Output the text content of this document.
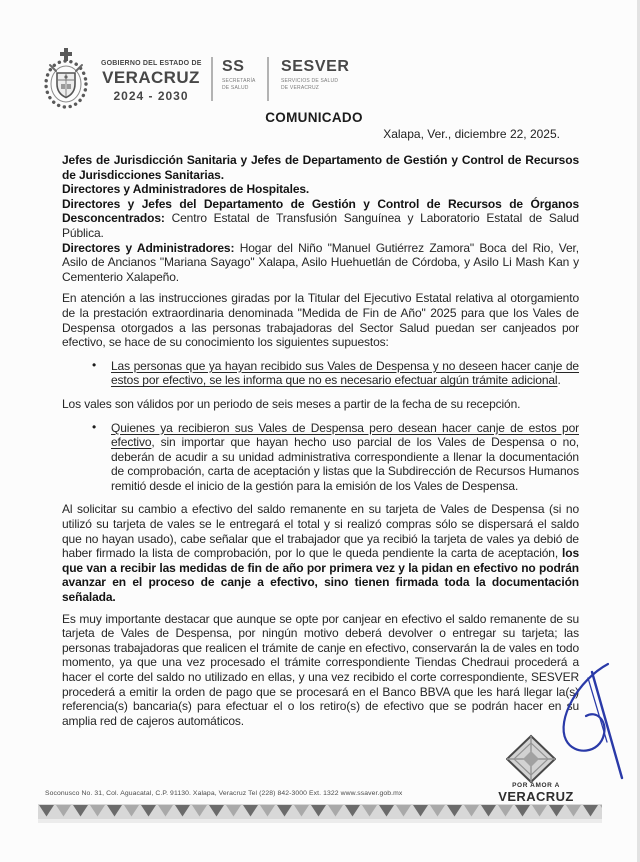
GOBIERNO DEL ESTADO DE
VERACRUZ
2024 - 2030
SS
SECRETARÍA
DE SALUD
SESVER
SERVICIOS DE SALUD
DE VERACRUZ
COMUNICADO
Xalapa, Ver., diciembre 22, 2025.
Jefes de Jurisdicción Sanitaria y Jefes de Departamento de Gestión y Control de Recursos de Jurisdicciones Sanitarias.
Directores y Administradores de Hospitales.
Directores y Jefes del Departamento de Gestión y Control de Recursos de Órganos Desconcentrados: Centro Estatal de Transfusión Sanguínea y Laboratorio Estatal de Salud Pública.
Directores y Administradores: Hogar del Niño "Manuel Gutiérrez Zamora" Boca del Rio, Ver, Asilo de Ancianos "Mariana Sayago" Xalapa, Asilo Huehuetlán de Córdoba, y Asilo Li Mash Kan y Cementerio Xalapeño.
En atención a las instrucciones giradas por la Titular del Ejecutivo Estatal relativa al otorgamiento de la prestación extraordinaria denominada "Medida de Fin de Año" 2025 para que los Vales de Despensa otorgados a las personas trabajadoras del Sector Salud puedan ser canjeados por efectivo, se hace de su conocimiento los siguientes supuestos:
• Las personas que ya hayan recibido sus Vales de Despensa y no deseen hacer canje de estos por efectivo, se les informa que no es necesario efectuar algún trámite adicional.
Los vales son válidos por un periodo de seis meses a partir de la fecha de su recepción.
• Quienes ya recibieron sus Vales de Despensa pero desean hacer canje de estos por efectivo, sin importar que hayan hecho uso parcial de los Vales de Despensa o no, deberán de acudir a su unidad administrativa correspondiente a llenar la documentación de comprobación, carta de aceptación y listas que la Subdirección de Recursos Humanos remitió desde el inicio de la gestión para la emisión de los Vales de Despensa.
Al solicitar su cambio a efectivo del saldo remanente en su tarjeta de Vales de Despensa (si no utilizó su tarjeta de vales se le entregará el total y si realizó compras sólo se dispersará el saldo que no hayan usado), cabe señalar que el trabajador que ya recibió la tarjeta de vales ya debió de haber firmado la lista de comprobación, por lo que le queda pendiente la carta de aceptación, los que van a recibir las medidas de fin de año por primera vez y la pidan en efectivo no podrán avanzar en el proceso de canje a efectivo, sino tienen firmada toda la documentación señalada.
Es muy importante destacar que aunque se opte por canjear en efectivo el saldo remanente de su tarjeta de Vales de Despensa, por ningún motivo deberá devolver o entregar su tarjeta; las personas trabajadoras que realicen el trámite de canje en efectivo, conservarán la de vales en todo momento, ya que una vez procesado el trámite correspondiente Tiendas Chedraui procederá a hacer el corte del saldo no utilizado en ellas, y una vez recibido el corte correspondiente, SESVER procederá a emitir la orden de pago que se procesará en el Banco BBVA que les hará llegar la(s) referencia(s) bancaria(s) para efectuar el o los retiro(s) de efectivo que se podrán hacer en su amplia red de cajeros automáticos.
POR AMOR A
VERACRUZ
Soconusco No. 31, Col. Aguacatal, C.P. 91130. Xalapa, Veracruz Tel (228) 842-3000 Ext. 1322 www.ssaver.gob.mx
